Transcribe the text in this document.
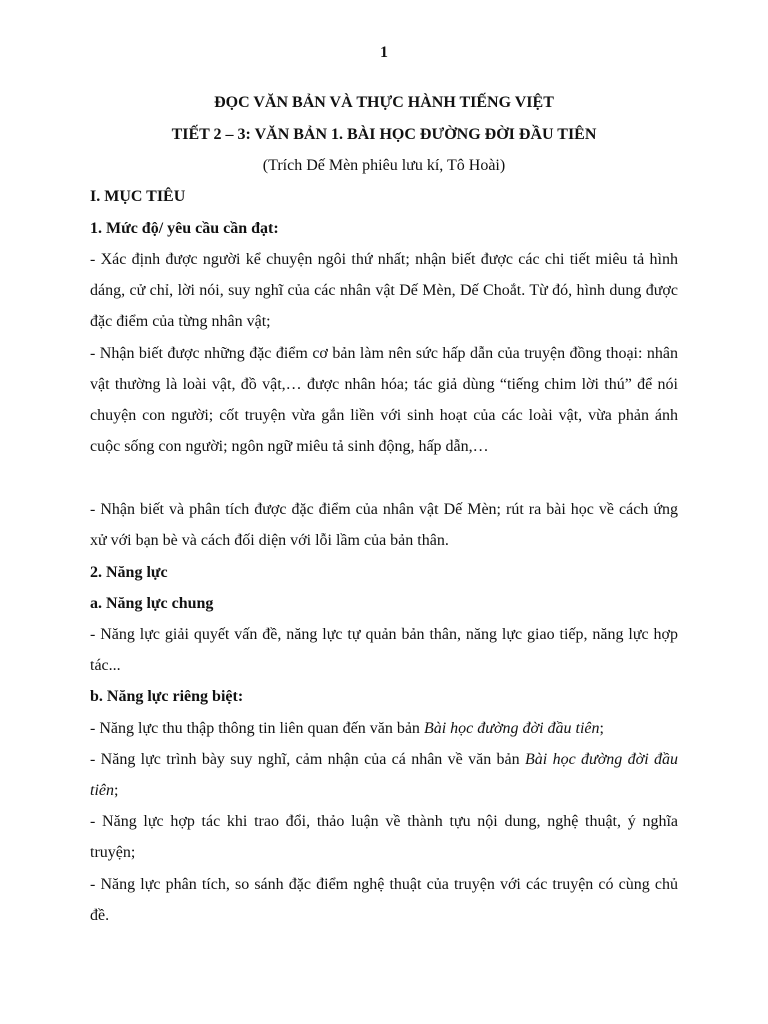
1
ĐỌC VĂN BẢN VÀ THỰC HÀNH TIẾNG VIỆT
TIẾT 2 – 3: VĂN BẢN 1. BÀI HỌC ĐƯỜNG ĐỜI ĐẦU TIÊN
(Trích Dế Mèn phiêu lưu kí, Tô Hoài)
I. MỤC TIÊU
1. Mức độ/ yêu cầu cần đạt:

- Xác định được người kể chuyện ngôi thứ nhất; nhận biết được các chi tiết miêu tả hình dáng, cử chỉ, lời nói, suy nghĩ của các nhân vật Dế Mèn, Dế Choắt. Từ đó, hình dung được đặc điểm của từng nhân vật;

- Nhận biết được những đặc điểm cơ bản làm nên sức hấp dẫn của truyện đồng thoại: nhân vật thường là loài vật, đồ vật,… được nhân hóa; tác giả dùng “tiếng chim lời thú” để nói chuyện con người; cốt truyện vừa gắn liền với sinh hoạt của các loài vật, vừa phản ánh cuộc sống con người; ngôn ngữ miêu tả sinh động, hấp dẫn,…

- Nhận biết và phân tích được đặc điểm của nhân vật Dế Mèn; rút ra bài học về cách ứng xử với bạn bè và cách đối diện với lỗi lầm của bản thân.

2. Năng lực
a. Năng lực chung

- Năng lực giải quyết vấn đề, năng lực tự quản bản thân, năng lực giao tiếp, năng lực hợp tác...

b. Năng lực riêng biệt:

- Năng lực thu thập thông tin liên quan đến văn bản Bài học đường đời đầu tiên;

- Năng lực trình bày suy nghĩ, cảm nhận của cá nhân về văn bản Bài học đường đời đầu tiên;

- Năng lực hợp tác khi trao đổi, thảo luận về thành tựu nội dung, nghệ thuật, ý nghĩa truyện;

- Năng lực phân tích, so sánh đặc điểm nghệ thuật của truyện với các truyện có cùng chủ đề.
